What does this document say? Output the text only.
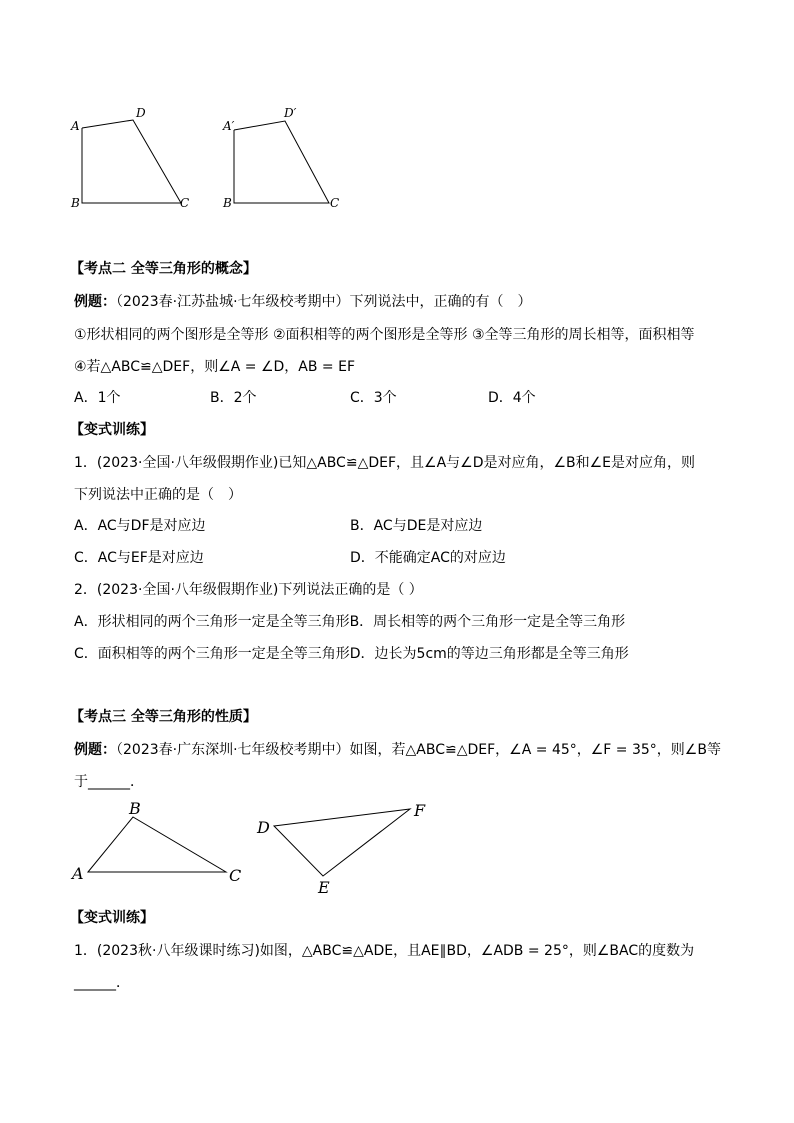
A
D
B	C
A′
D′
B	C
【考点二 全等三角形的概念】
例题：（2023春·江苏盐城·七年级校考期中）下列说法中，正确的有（　）
①形状相同的两个图形是全等形 ②面积相等的两个图形是全等形 ③全等三角形的周长相等，面积相等
④若△ABC≌△DEF，则∠A = ∠D，AB = EF
A．1个	B．2个	C．3个	D．4个
【变式训练】
1．(2023·全国·八年级假期作业)已知△ABC≌△DEF，且∠A与∠D是对应角，∠B和∠E是对应角，则
下列说法中正确的是（　）
A．AC与DF是对应边	B．AC与DE是对应边
C．AC与EF是对应边	D．不能确定AC的对应边
2．(2023·全国·八年级假期作业)下列说法正确的是（ ）
A．形状相同的两个三角形一定是全等三角形B．周长相等的两个三角形一定是全等三角形
C．面积相等的两个三角形一定是全等三角形D．边长为5cm的等边三角形都是全等三角形
【考点三 全等三角形的性质】
例题：（2023春·广东深圳·七年级校考期中）如图，若△ABC≌△DEF，∠A = 45°，∠F = 35°，则∠B等
于______．
A
B
C
D
E
F
【变式训练】
1．(2023秋·八年级课时练习)如图，△ABC≌△ADE，且AE∥BD，∠ADB = 25°，则∠BAC的度数为
______．
